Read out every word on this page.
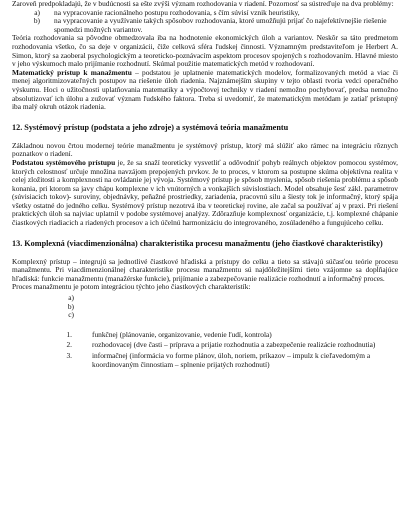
Zaroveň predpokladajú, že v budúcnosti sa ešte zvýši význam rozhodovania v riadení. Pozornosť sa sústreďuje na dva problémy:

a)	na vypracovanie racionálneho postupu rozhodovania, s čím súvisí vznik heuristiky,
b)	na vypracovanie a využívanie takých spôsobov rozhodovania, ktoré umožňujú prijať čo najefektívnejšie riešenie spomedzi možných variantov.

Teória rozhodovania sa pôvodne obmedzovala iba na hodnotenie ekonomických úloh a variantov. Neskôr sa táto predmetom rozhodovania všetko, čo sa deje v organizácii, čiže celková sféra ľudskej činnosti. Významným predstaviteľom je Herbert A. Simon, ktorý sa zaoberal psychologickým a teoreticko-poznávacím aspektom procesov spojených s rozhodovaním. Hlavné miesto v jeho výskumoch malo prijímanie rozhodnutí. Skúmal použitie matematických metód v rozhodovaní.

Matematický prístup k manažmentu – podstatou je uplatnenie matematických modelov, formalizovaných metód a viac či menej algoritmizovateľných postupov na riešenie úloh riadenia. Najznámejším skupiny v tejto oblasti tvoria vedci operačného výskumu. Hoci o užitočnosti uplatňovania matematiky a výpočtovej techniky v riadení nemožno pochybovať, predsa nemožno absolutizovať ich úlohu a zužovať význam ľudského faktora. Treba si uvedomiť, že matematickým metódam je zatiaľ prístupný iba malý okruh otázok riadenia.

12. Systémový prístup (podstata a jeho zdroje) a systémová teória manažmentu

Základnou novou črtou modernej teórie manažmentu je systémový prístup, ktorý má slúžiť ako rámec na integráciu rôznych poznatkov o riadení.

Podstatou systémového prístupu je, že sa snaží teoreticky vysvetliť a odôvodniť pohyb reálnych objektov pomocou systémov, ktorých celostnosť určuje množina navzájom prepojených prvkov. Je to proces, v ktorom sa postupne skúma objektívna realita v celej zložitosti a komplexnosti na ovládanie jej vývoja. Systémový prístup je spôsob myslenia, spôsob riešenia problému a spôsob konania, pri ktorom sa javy chápu komplexne v ich vnútorných a vonkajších súvislostiach. Model obsahuje šesť zákl. parametrov (súvisiacich tokov)- suroviny, objednávky, peňažné prostriedky, zariadenia, pracovnú silu a šiesty tok je informačný, ktorý spája všetky ostatné do jedného celku. Systémový prístup nezotrvá iba v teoretickej rovine, ale začal sa používať aj v praxi. Pri riešení praktických úloh sa najviac uplatnil v podobe systémovej analýzy. Zdôrazňuje komplexnosť organizácie, t.j. komplexné chápanie čiastkových riadiacich a riadených procesov a ich účelnú harmonizáciu do integrovaného, zosúladeného a fungujúceho celku.

13. Komplexná (viacdimenzionálna) charakteristika procesu manažmentu (jeho čiastkové charakteristiky)

Komplexný prístup – integrujú sa jednotlivé čiastkové hľadiská a prístupy do celku a tieto sa stávajú súčasťou teórie procesu manažmentu. Pri viacdimenzionálnej charakteristike procesu manažmentu sú najdôležitejšími tieto vzájomne sa dopĺňajúce hľadiská: funkcie manažmentu (manažérske funkcie), prijímanie a zabezpečovanie realizácie rozhodnutí a informačný proces.

Proces manažmentu je potom integráciou týchto jeho čiastkových charakteristík:

a)
b)
c)
1.	funkčnej (plánovanie, organizovanie, vedenie ľudí, kontrola)
2.	rozhodovacej (dve časti – príprava a prijatie rozhodnutia a zabezpečenie realizácie rozhodnutia)
3.	informačnej (informácia vo forme plánov, úloh, noriem, príkazov – impulz k cieľavedomým a koordinovaným činnostiam – splnenie prijatých rozhodnutí)
